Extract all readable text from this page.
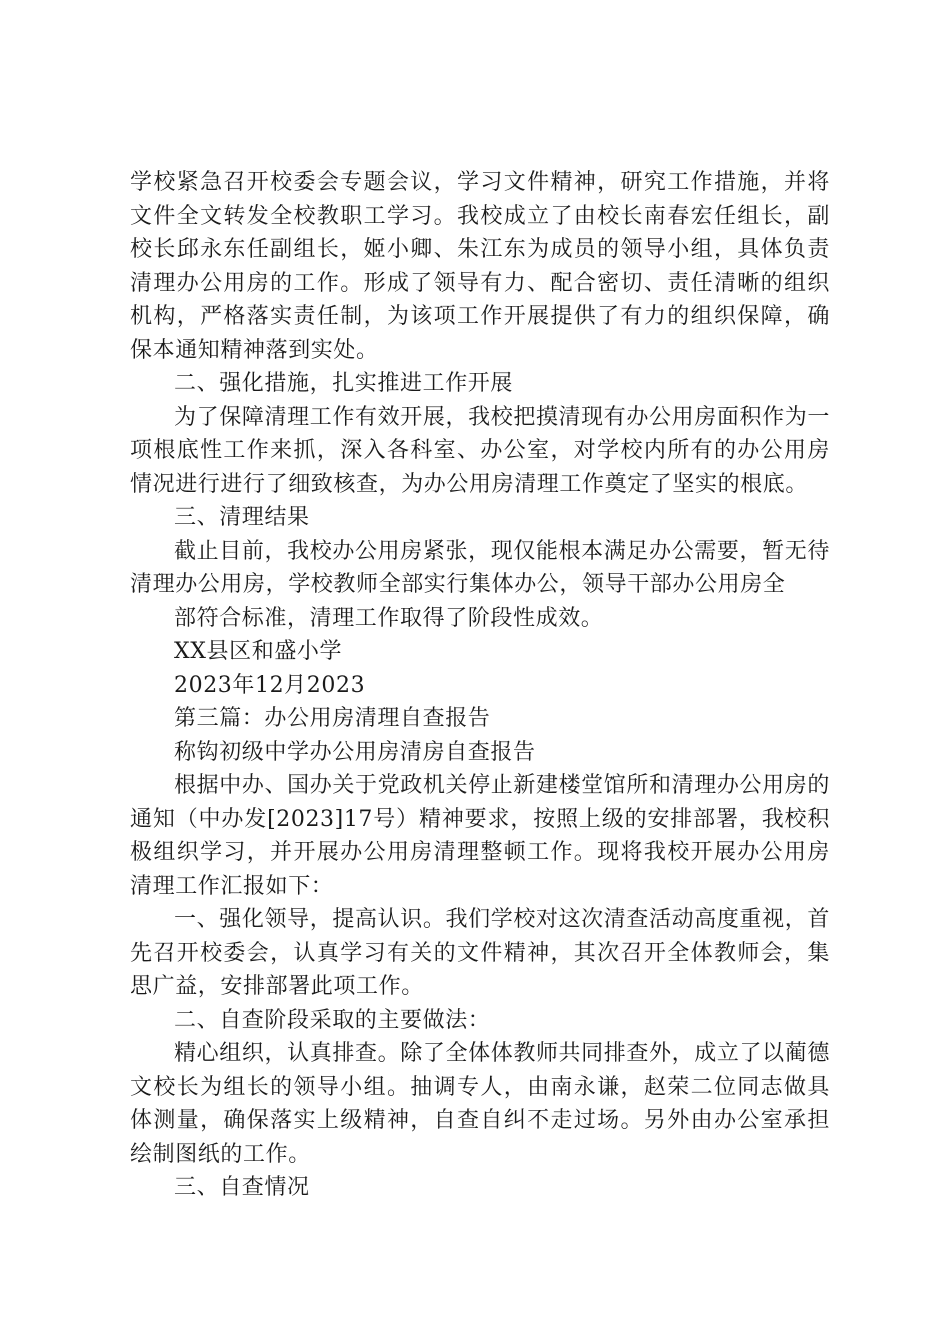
学校紧急召开校委会专题会议，学习文件精神，研究工作措施，并将文件全文转发全校教职工学习。我校成立了由校长南春宏任组长，副校长邱永东任副组长，姬小卿、朱江东为成员的领导小组，具体负责清理办公用房的工作。形成了领导有力、配合密切、责任清晰的组织机构，严格落实责任制，为该项工作开展提供了有力的组织保障，确保本通知精神落到实处。

二、强化措施，扎实推进工作开展

为了保障清理工作有效开展，我校把摸清现有办公用房面积作为一项根底性工作来抓，深入各科室、办公室，对学校内所有的办公用房情况进行进行了细致核查，为办公用房清理工作奠定了坚实的根底。

三、清理结果

截止目前，我校办公用房紧张，现仅能根本满足办公需要，暂无待清理办公用房，学校教师全部实行集体办公，领导干部办公用房全

部符合标准，清理工作取得了阶段性成效。

XX县区和盛小学

2023年12月2023

第三篇：办公用房清理自查报告

称钩初级中学办公用房清房自查报告

根据中办、国办关于党政机关停止新建楼堂馆所和清理办公用房的通知（中办发[2023]17号）精神要求，按照上级的安排部署，我校积极组织学习，并开展办公用房清理整顿工作。现将我校开展办公用房清理工作汇报如下：

一、强化领导，提高认识。我们学校对这次清查活动高度重视，首先召开校委会，认真学习有关的文件精神，其次召开全体教师会，集思广益，安排部署此项工作。

二、自查阶段采取的主要做法：

精心组织，认真排查。除了全体体教师共同排查外，成立了以蔺德文校长为组长的领导小组。抽调专人，由南永谦，赵荣二位同志做具体测量，确保落实上级精神，自查自纠不走过场。另外由办公室承担绘制图纸的工作。

三、自查情况
